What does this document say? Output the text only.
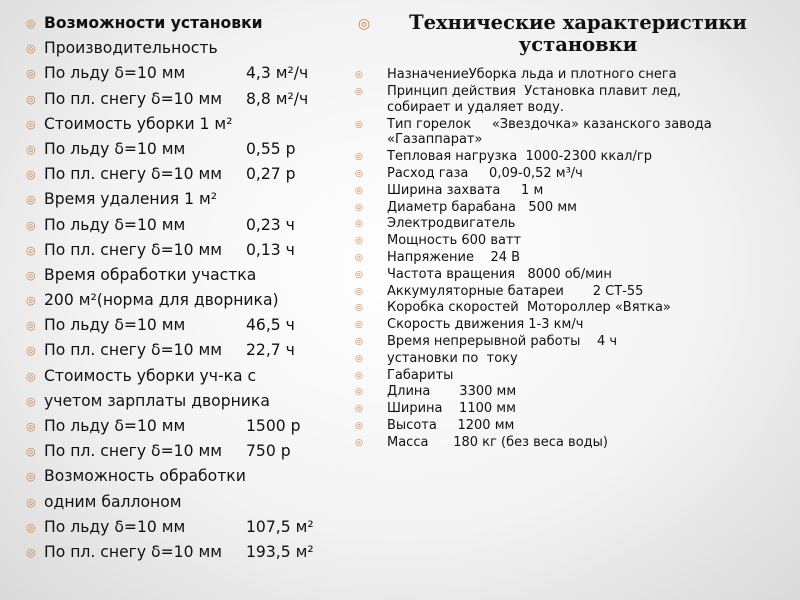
◎ Возможности установки
◎ Производительность
◎ По льду δ=10 мм	4,3 м²/ч
◎ По пл. снегу δ=10 мм	8,8 м²/ч
◎ Стоимость уборки 1 м²
◎ По льду δ=10 мм	0,55 р
◎ По пл. снегу δ=10 мм	0,27 р
◎ Время удаления 1 м²
◎ По льду δ=10 мм	0,23 ч
◎ По пл. снегу δ=10 мм	0,13 ч
◎ Время обработки участка
◎ 200 м²(норма для дворника)
◎ По льду δ=10 мм	46,5 ч
◎ По пл. снегу δ=10 мм	22,7 ч
◎ Стоимость уборки уч-ка с
◎ учетом зарплаты дворника
◎ По льду δ=10 мм	1500 р
◎ По пл. снегу δ=10 мм	750 р
◎ Возможность обработки
◎ одним баллоном
◎ По льду δ=10 мм	107,5 м²
◎ По пл. снегу δ=10 мм	193,5 м²
◎ Технические характеристики установки
◎	НазначениеУборка льда и плотного снега
◎	Принцип действия  Установка плавит лед,собирает и удаляет воду.
◎	Тип горелок     «Звездочка» казанского завода«Газаппарат»
◎	Тепловая нагрузка  1000-2300 ккал/гр
◎	Расход газа     0,09-0,52 м³/ч
◎	Ширина захвата     1 м
◎	Диаметр барабана   500 мм
◎	Электродвигатель
◎	Мощность 600 ватт
◎	Напряжение    24 В
◎	Частота вращения   8000 об/мин
◎	Аккумуляторные батареи       2 СТ-55
◎	Коробка скоростей  Мотороллер «Вятка»
◎	Скорость движения 1-3 км/ч
◎	Время непрерывной работы    4 ч
◎	установки по  току
◎	Габариты
◎	Длина       3300 мм
◎	Ширина    1100 мм
◎	Высота     1200 мм
◎	Масса      180 кг (без веса воды)
